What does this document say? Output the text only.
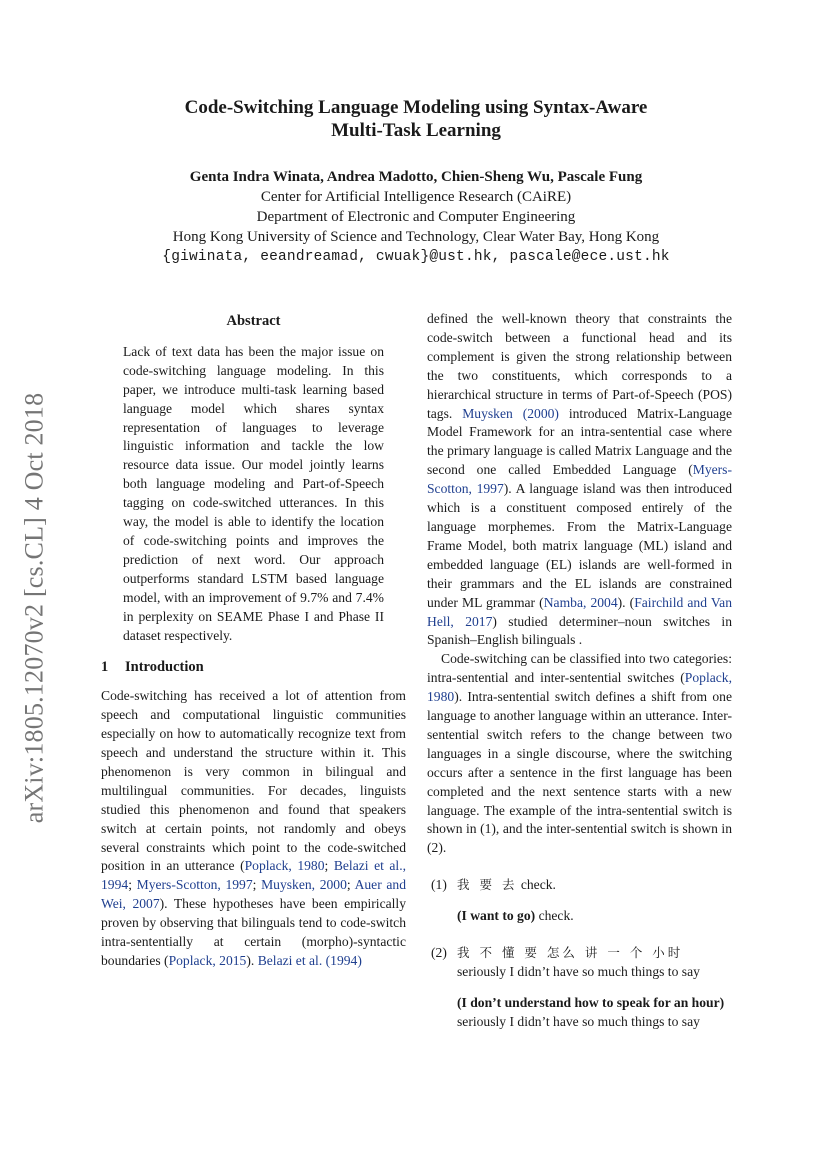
arXiv:1805.12070v2 [cs.CL] 4 Oct 2018
Code-Switching Language Modeling using Syntax-Aware
Multi-Task Learning
Genta Indra Winata, Andrea Madotto, Chien-Sheng Wu, Pascale Fung
Center for Artificial Intelligence Research (CAiRE)
Department of Electronic and Computer Engineering
Hong Kong University of Science and Technology, Clear Water Bay, Hong Kong
{giwinata, eeandreamad, cwuak}@ust.hk, pascale@ece.ust.hk
Abstract

Lack of text data has been the major issue on code-switching language modeling. In this paper, we introduce multi-task learning based language model which shares syntax representation of languages to leverage linguistic information and tackle the low resource data issue. Our model jointly learns both language modeling and Part-of-Speech tagging on code-switched utterances. In this way, the model is able to identify the location of code-switching points and improves the prediction of next word. Our approach outperforms standard LSTM based language model, with an improvement of 9.7% and 7.4% in perplexity on SEAME Phase I and Phase II dataset respectively.

1 Introduction

Code-switching has received a lot of attention from speech and computational linguistic communities especially on how to automatically recognize text from speech and understand the structure within it. This phenomenon is very common in bilingual and multilingual communities. For decades, linguists studied this phenomenon and found that speakers switch at certain points, not randomly and obeys several constraints which point to the code-switched position in an utterance (Poplack, 1980; Belazi et al., 1994; Myers-Scotton, 1997; Muysken, 2000; Auer and Wei, 2007). These hypotheses have been empirically proven by observing that bilinguals tend to code-switch intra-sententially at certain (morpho)-syntactic boundaries (Poplack, 2015). Belazi et al. (1994)

defined the well-known theory that constraints the code-switch between a functional head and its complement is given the strong relationship between the two constituents, which corresponds to a hierarchical structure in terms of Part-of-Speech (POS) tags. Muysken (2000) introduced Matrix-Language Model Framework for an intra-sentential case where the primary language is called Matrix Language and the second one called Embedded Language (Myers-Scotton, 1997). A language island was then introduced which is a constituent composed entirely of the language morphemes. From the Matrix-Language Frame Model, both matrix language (ML) island and embedded language (EL) islands are well-formed in their grammars and the EL islands are constrained under ML grammar (Namba, 2004). (Fairchild and Van Hell, 2017) studied determiner–noun switches in Spanish–English bilinguals .

Code-switching can be classified into two categories: intra-sentential and inter-sentential switches (Poplack, 1980). Intra-sentential switch defines a shift from one language to another language within an utterance. Inter-sentential switch refers to the change between two languages in a single discourse, where the switching occurs after a sentence in the first language has been completed and the next sentence starts with a new language. The example of the intra-sentential switch is shown in (1), and the inter-sentential switch is shown in (2).

(1) 我 要 去 check.
(I want to go) check.
(2) 我 不 懂 要 怎么 讲 一 个 小时 seriously I didn’t have so much things to say
(I don’t understand how to speak for an hour) seriously I didn’t have so much things to say
